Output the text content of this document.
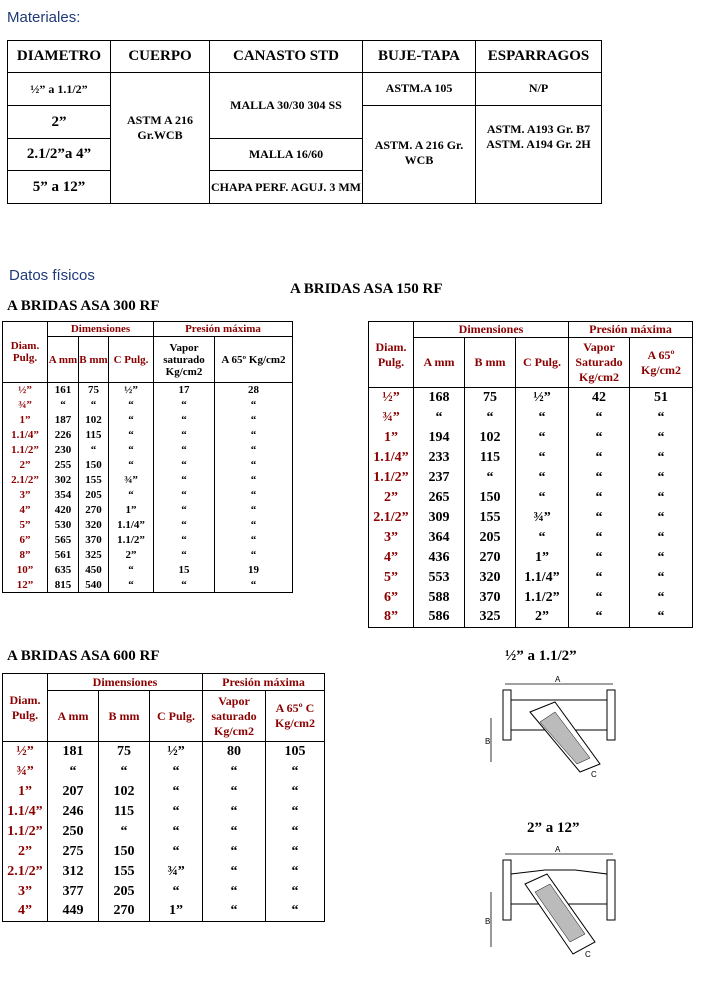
Materiales:
DIAMETRO	CUERPO	CANASTO STD	BUJE-TAPA	ESPARRAGOS
½” a 1.1/2”	ASTM A 216 Gr.WCB	MALLA 30/30 304 SS	ASTM.A 105	N/P
2”			ASTM. A 216 Gr. WCB	ASTM. A193 Gr. B7 ASTM. A194 Gr. 2H
2.1/2”a 4”		MALLA 16/60		
5” a 12”		CHAPA PERF. AGUJ. 3 MM		
Datos físicos
A BRIDAS ASA 150 RF
A BRIDAS ASA 300 RF
Diam. Pulg.	Dimensiones			Presión máxima	
	A mm	B mm	C Pulg.	Vapor saturado Kg/cm2	A 65º Kg/cm2
½”	161	75	½”	17	28
¾”	“	“	“	“	“
1”	187	102	“	“	“
1.1/4”	226	115	“	“	“
1.1/2”	230	“	“	“	“
2”	255	150	“	“	“
2.1/2”	302	155	¾”	“	“
3”	354	205	“	“	“
4”	420	270	1”	“	“
5”	530	320	1.1/4”	“	“
6”	565	370	1.1/2”	“	“
8”	561	325	2”	“	“
10”	635	450	“	15	19
12”	815	540	“	“	“
Diam. Pulg.	Dimensiones			Presión máxima	
	A mm	B mm	C Pulg.	Vapor Saturado Kg/cm2	A 65º Kg/cm2
½”	168	75	½”	42	51
¾”	“	“	“	“	“
1”	194	102	“	“	“
1.1/4”	233	115	“	“	“
1.1/2”	237	“	“	“	“
2”	265	150	“	“	“
2.1/2”	309	155	¾”	“	“
3”	364	205	“	“	“
4”	436	270	1”	“	“
5”	553	320	1.1/4”	“	“
6”	588	370	1.1/2”	“	“
8”	586	325	2”	“	“
A BRIDAS ASA 600 RF
Diam. Pulg.	Dimensiones			Presión máxima	
	A mm	B mm	C Pulg.	Vapor saturado Kg/cm2	A 65º C Kg/cm2
½”	181	75	½”	80	105
¾”	“	“	“	“	“
1”	207	102	“	“	“
1.1/4”	246	115	“	“	“
1.1/2”	250	“	“	“	“
2”	275	150	“	“	“
2.1/2”	312	155	¾”	“	“
3”	377	205	“	“	“
4”	449	270	1”	“	“
½” a 1.1/2”
A
B
C
2” a 12”
A
B
C
